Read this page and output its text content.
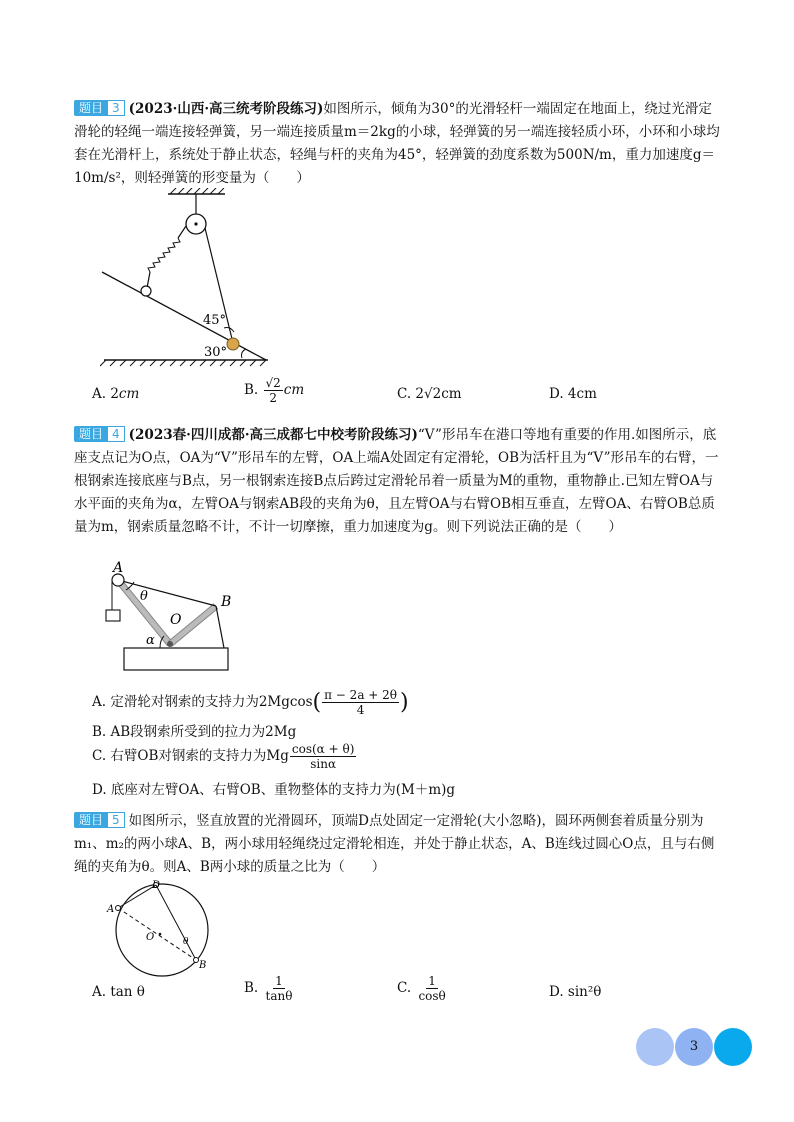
题目 3 (2023·山西·高三统考阶段练习)如图所示，倾角为30°的光滑轻杆一端固定在地面上，绕过光滑定滑轮的轻绳一端连接轻弹簧，另一端连接质量m＝2kg的小球，轻弹簧的另一端连接轻质小环，小环和小球均套在光滑杆上，系统处于静止状态，轻绳与杆的夹角为45°，轻弹簧的劲度系数为500N/m，重力加速度g＝10m/s²，则轻弹簧的形变量为（　　）
45°
30°
A. 2cm	B. $\frac{√2}{2}$ cm	C. 2√2cm	D. 4cm
题目 4 (2023春·四川成都·高三成都七中校考阶段练习)“V”形吊车在港口等地有重要的作用.如图所示，底座支点记为O点，OA为“V”形吊车的左臂，OA上端A处固定有定滑轮，OB为活杆且为“V”形吊车的右臂，一根钢索连接底座与B点，另一根钢索连接B点后跨过定滑轮吊着一质量为M的重物，重物静止.已知左臂OA与水平面的夹角为α，左臂OA与钢索AB段的夹角为θ，且左臂OA与右臂OB相互垂直，左臂OA、右臂OB总质量为m，钢索质量忽略不计，不计一切摩擦，重力加速度为g。则下列说法正确的是（　　）
A
B
O
θ
α
A. 定滑轮对钢索的支持力为$2Mgcos( \frac{\pi - 2a + 2\theta}{4}$ )
B. AB段钢索所受到的拉力为2Mg
C. 右臂OB对钢索的支持力为Mg $\frac{\cos(\alpha + \theta)}{\sin\alpha}$
D. 底座对左臂OA、右臂OB、重物整体的支持力为(M＋m)g
题目 5 如图所示，竖直放置的光滑圆环，顶端D点处固定一定滑轮(大小忽略)，圆环两侧套着质量分别为m₁、m₂的两小球A、B，两小球用轻绳绕过定滑轮相连，并处于静止状态，A、B连线过圆心O点，且与右侧绳的夹角为θ。则A、B两小球的质量之比为（　　）
D
A
O	θ
B
A. tan θ	B. $\frac{1}{\tan\theta}$	C. $\frac{1}{\cos\theta}$	D. sin²θ
3
